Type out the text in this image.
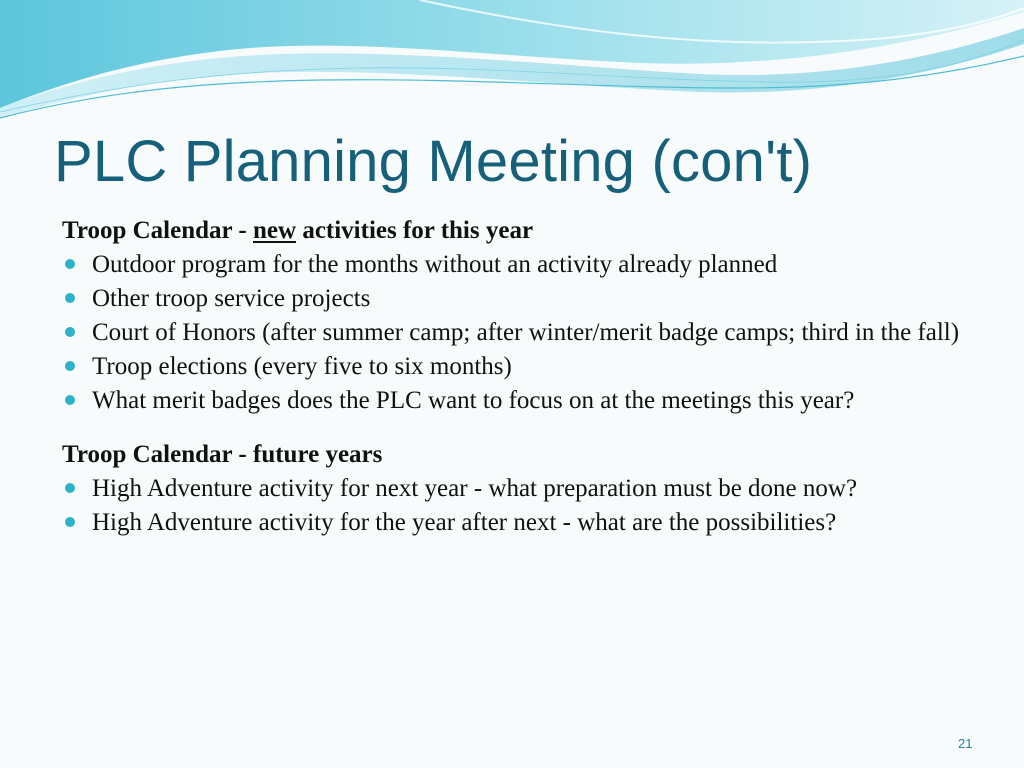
PLC Planning Meeting (con't)
Troop Calendar - new activities for this year
Outdoor program for the months without an activity already planned
Other troop service projects
Court of Honors (after summer camp; after winter/merit badge camps; third in the fall)
Troop elections (every five to six months)
What merit badges does the PLC want to focus on at the meetings this year?
Troop Calendar - future years
High Adventure activity for next year - what preparation must be done now?
High Adventure activity for the year after next - what are the possibilities?
21
